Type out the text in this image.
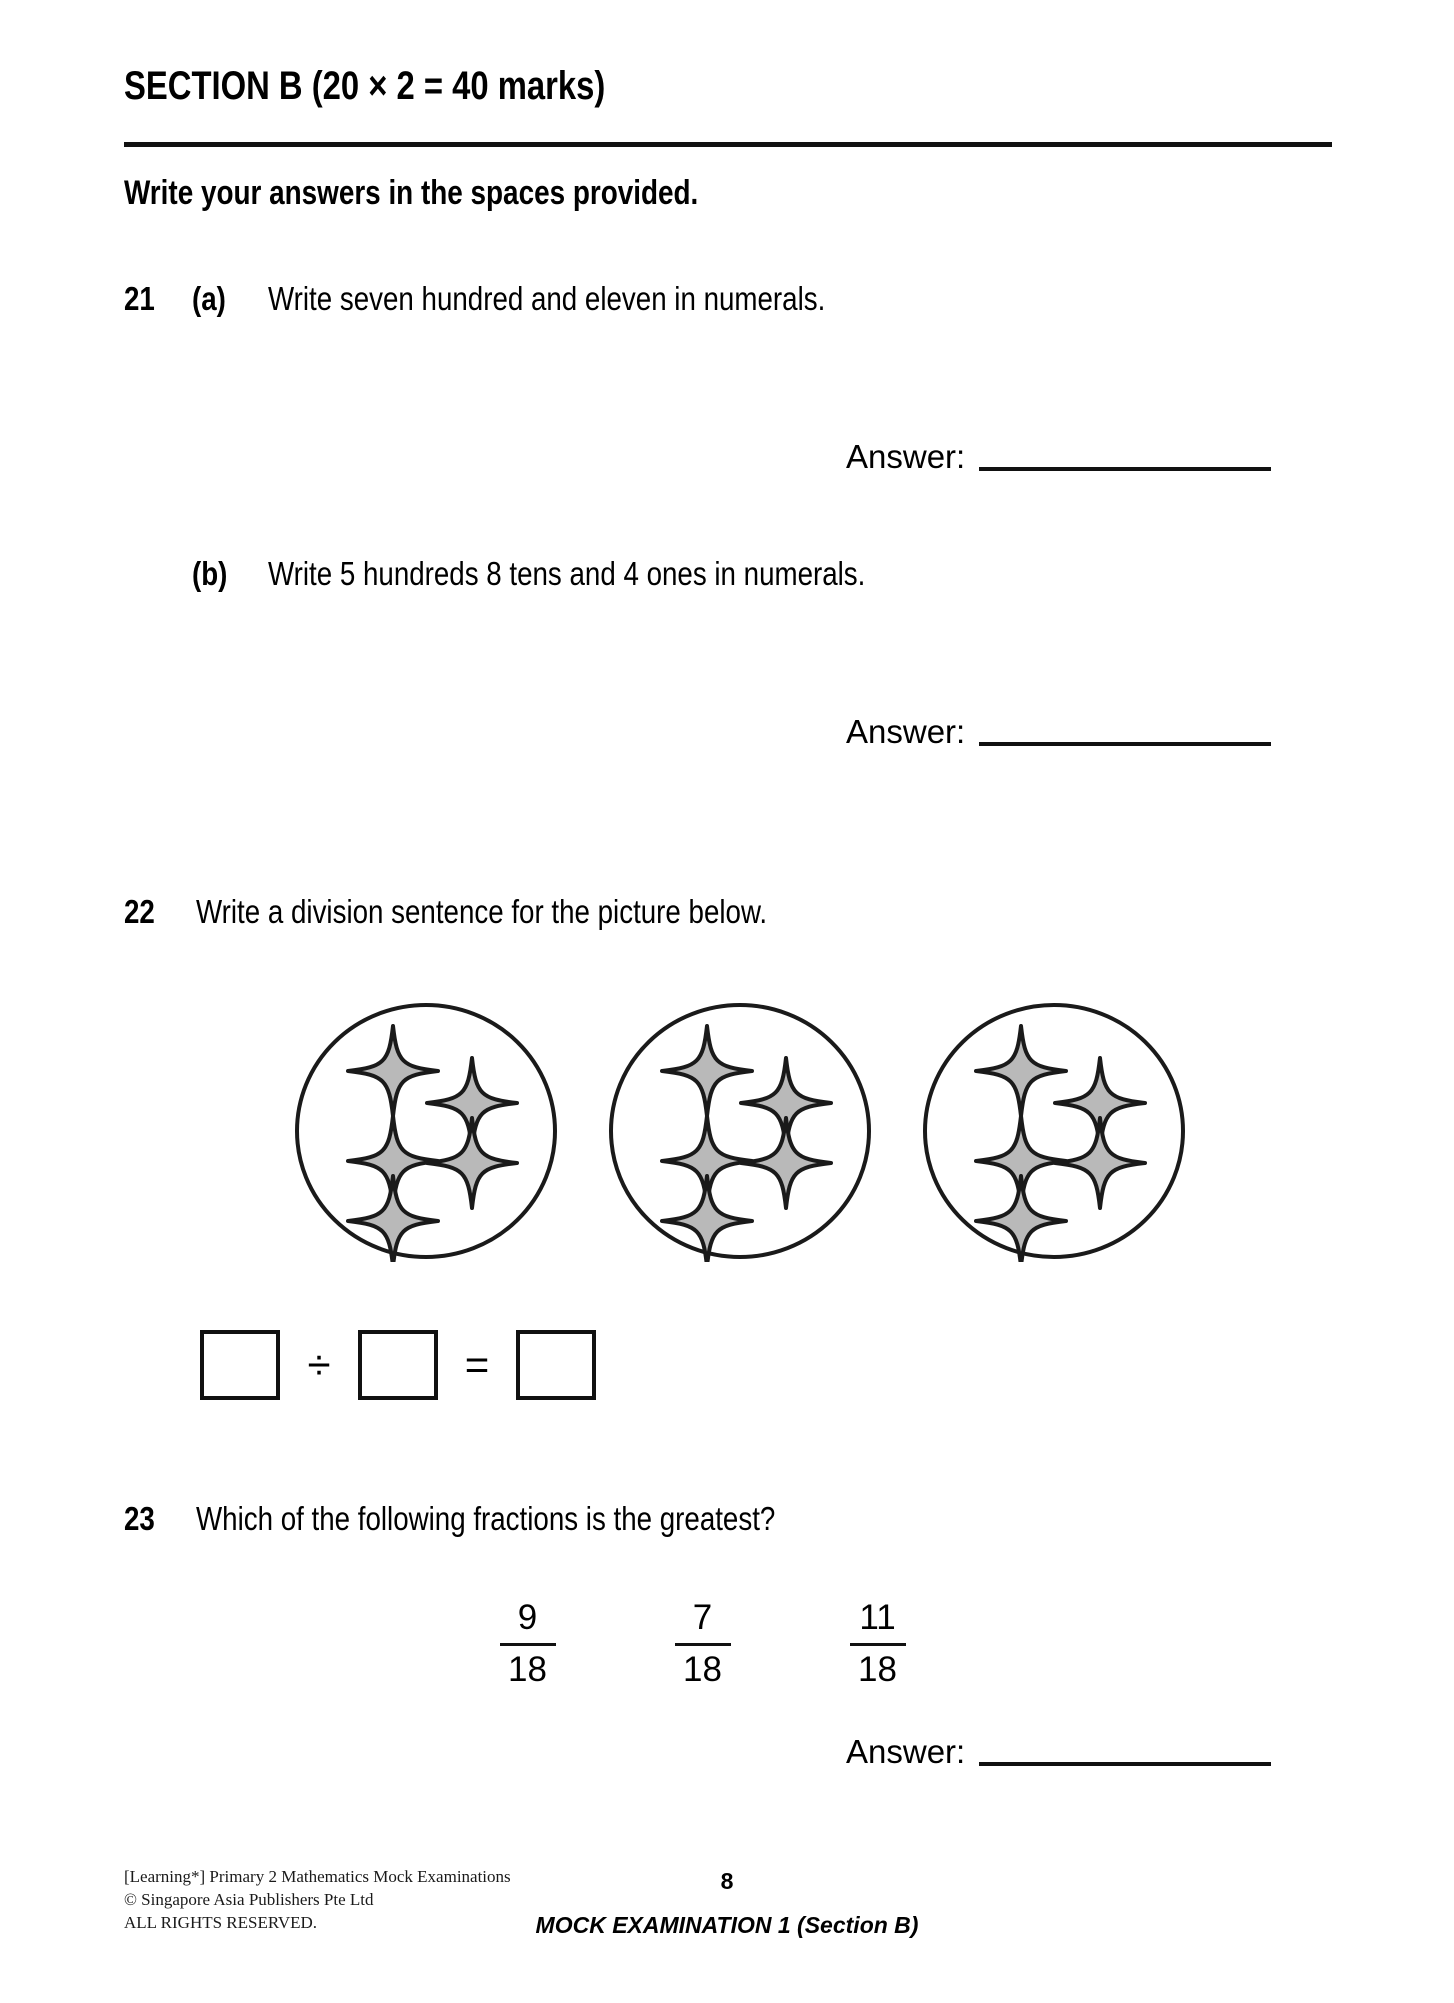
SECTION B (20 × 2 = 40 marks)
Write your answers in the spaces provided.
21 (a) Write seven hundred and eleven in numerals.
Answer:
(b) Write 5 hundreds 8 tens and 4 ones in numerals.
Answer:
22 Write a division sentence for the picture below.
÷	=
23 Which of the following fractions is the greatest?
$\frac{9}{18} \frac{7}{18} \frac{11}{18}$
Answer:
[Learning*] Primary 2 Mathematics Mock Examinations
© Singapore Asia Publishers Pte Ltd
ALL RIGHTS RESERVED.
8
MOCK EXAMINATION 1 (Section B)
